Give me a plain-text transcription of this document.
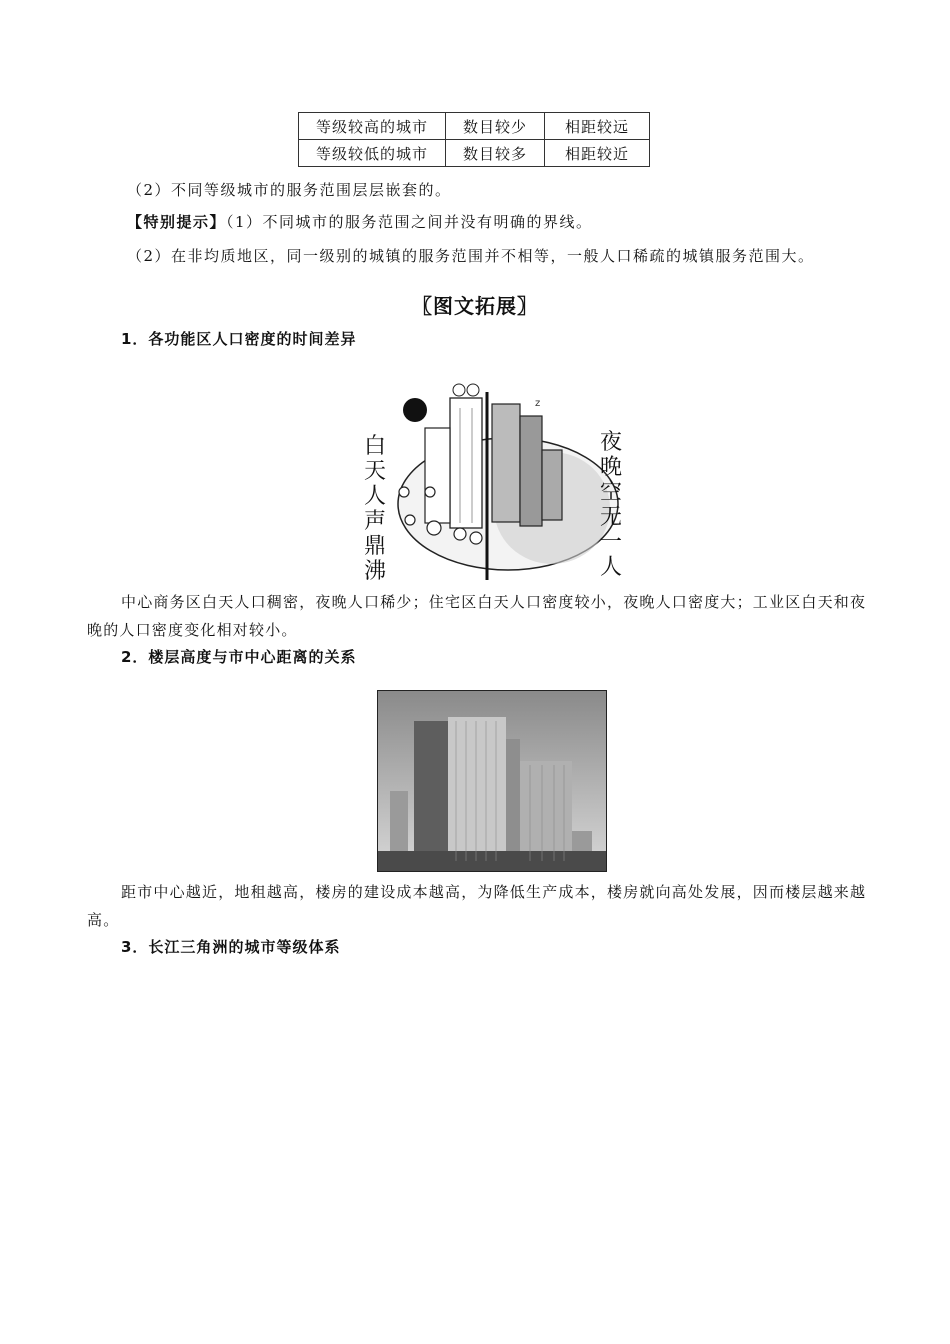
等级较高的城市	数目较少	相距较远
等级较低的城市	数目较多	相距较近
（2）不同等级城市的服务范围层层嵌套的。
【特别提示】（1）不同城市的服务范围之间并没有明确的界线。
（2）在非均质地区，同一级别的城镇的服务范围并不相等，一般人口稀疏的城镇服务范围大。
〖图文拓展〗
1．各功能区人口密度的时间差异
z
白天人声鼎沸
夜晚空无一人
中心商务区白天人口稠密，夜晚人口稀少；住宅区白天人口密度较小，夜晚人口密度大；工业区白天和夜晚的人口密度变化相对较小。
2．楼层高度与市中心距离的关系
距市中心越近，地租越高，楼房的建设成本越高，为降低生产成本，楼房就向高处发展，因而楼层越来越高。
3．长江三角洲的城市等级体系
